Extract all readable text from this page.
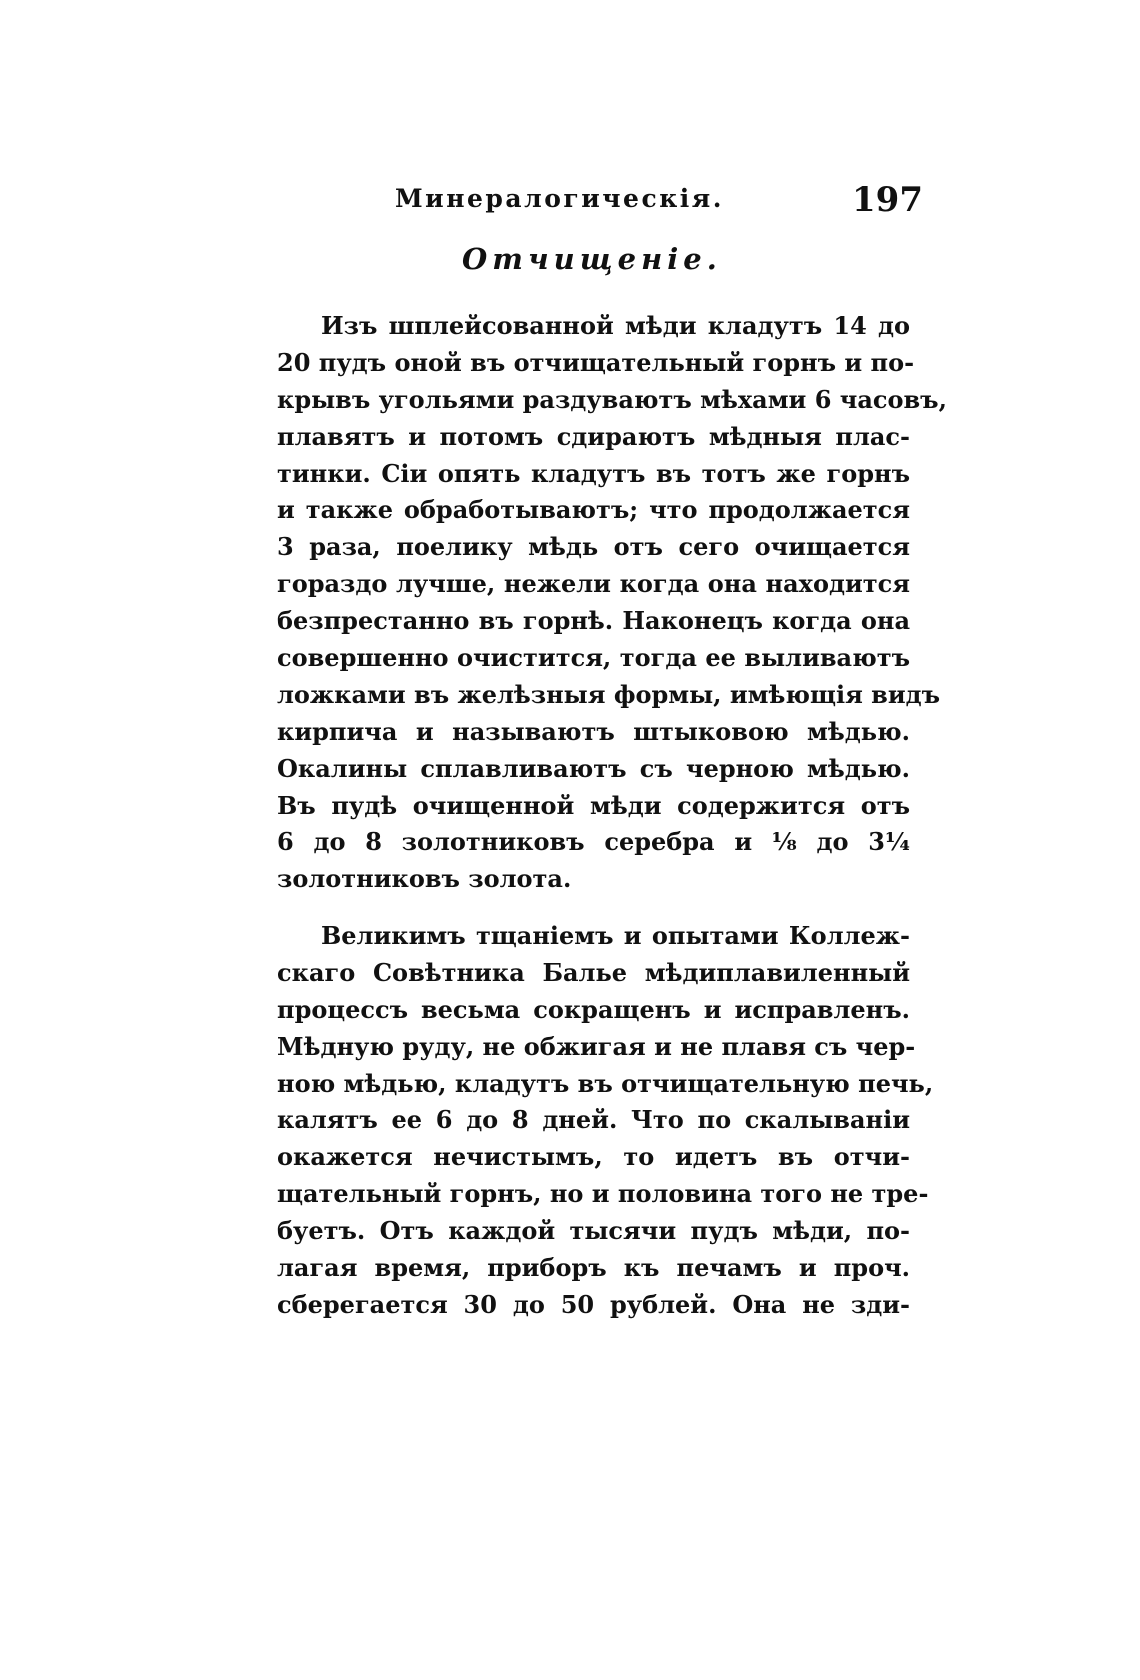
Минералогическія.	197
Отчищеніе.
Изъ шплейсованной мѣди кладутъ 14 до
20 пудъ оной въ отчищательный горнъ и по-
крывъ угольями раздуваютъ мѣхами 6 часовъ,
плавятъ и потомъ сдираютъ мѣдныя плас-
тинки. Сіи опять кладутъ въ тотъ же горнъ
и также обработываютъ; что продолжается
3 раза, поелику мѣдь отъ сего очищается
гораздо лучше, нежели когда она находится
безпрестанно въ горнѣ. Наконецъ когда она
совершенно очистится, тогда ее выливаютъ
ложками въ желѣзныя формы, имѣющія видъ
кирпича и называютъ штыковою мѣдью.
Окалины сплавливаютъ съ черною мѣдью.
Въ пудѣ очищенной мѣди содержится отъ
6 до 8 золотниковъ серебра и ⅛ до 3¼
золотниковъ золота.
Великимъ тщаніемъ и опытами Коллеж-
скаго Совѣтника Балье мѣдиплавиленный
процессъ весьма сокращенъ и исправленъ.
Мѣдную руду, не обжигая и не плавя съ чер-
ною мѣдью, кладутъ въ отчищательную печь,
калятъ ее 6 до 8 дней. Что по скалываніи
окажется нечистымъ, то идетъ въ отчи-
щательный горнъ, но и половина того не тре-
буетъ. Отъ каждой тысячи пудъ мѣди, по-
лагая время, приборъ къ печамъ и проч.
сберегается 30 до 50 рублей. Она не зди-
